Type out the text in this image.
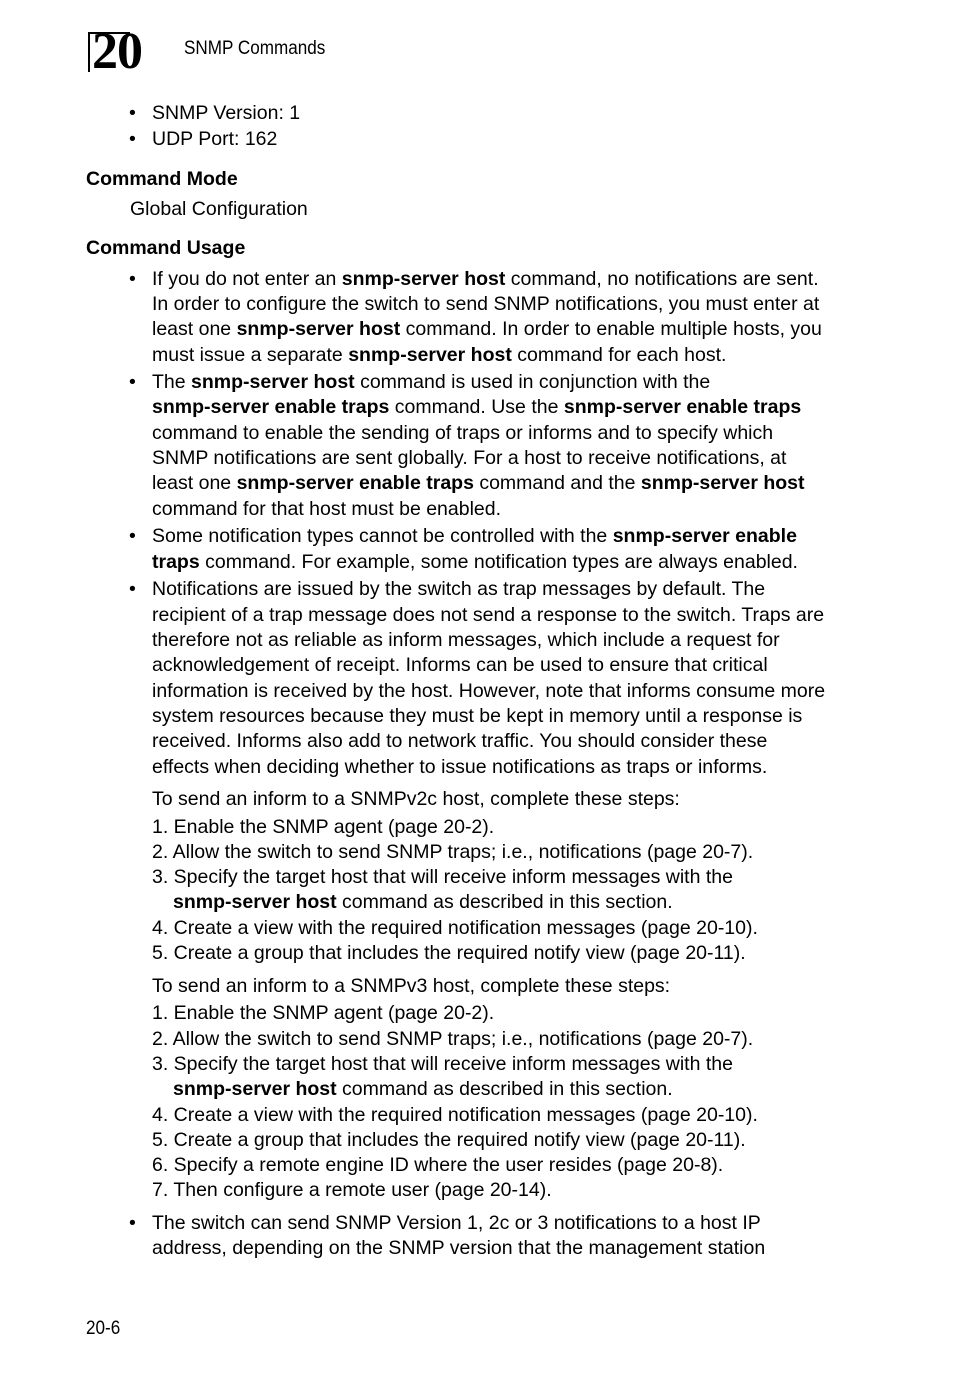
20 SNMP Commands
• SNMP Version: 1
• UDP Port: 162
Command Mode
Global Configuration
Command Usage
• If you do not enter an snmp-server host command, no notifications are sent.
In order to configure the switch to send SNMP notifications, you must enter at
least one snmp-server host command. In order to enable multiple hosts, you
must issue a separate snmp-server host command for each host.
• The snmp-server host command is used in conjunction with the
snmp-server enable traps command. Use the snmp-server enable traps
command to enable the sending of traps or informs and to specify which
SNMP notifications are sent globally. For a host to receive notifications, at
least one snmp-server enable traps command and the snmp-server host
command for that host must be enabled.
• Some notification types cannot be controlled with the snmp-server enable
traps command. For example, some notification types are always enabled.
• Notifications are issued by the switch as trap messages by default. The
recipient of a trap message does not send a response to the switch. Traps are
therefore not as reliable as inform messages, which include a request for
acknowledgement of receipt. Informs can be used to ensure that critical
information is received by the host. However, note that informs consume more
system resources because they must be kept in memory until a response is
received. Informs also add to network traffic. You should consider these
effects when deciding whether to issue notifications as traps or informs.
To send an inform to a SNMPv2c host, complete these steps:
1. Enable the SNMP agent (page 20-2).
2. Allow the switch to send SNMP traps; i.e., notifications (page 20-7).
3. Specify the target host that will receive inform messages with the
snmp-server host command as described in this section.
4. Create a view with the required notification messages (page 20-10).
5. Create a group that includes the required notify view (page 20-11).
To send an inform to a SNMPv3 host, complete these steps:
1. Enable the SNMP agent (page 20-2).
2. Allow the switch to send SNMP traps; i.e., notifications (page 20-7).
3. Specify the target host that will receive inform messages with the
snmp-server host command as described in this section.
4. Create a view with the required notification messages (page 20-10).
5. Create a group that includes the required notify view (page 20-11).
6. Specify a remote engine ID where the user resides (page 20-8).
7. Then configure a remote user (page 20-14).
• The switch can send SNMP Version 1, 2c or 3 notifications to a host IP
address, depending on the SNMP version that the management station
20-6
